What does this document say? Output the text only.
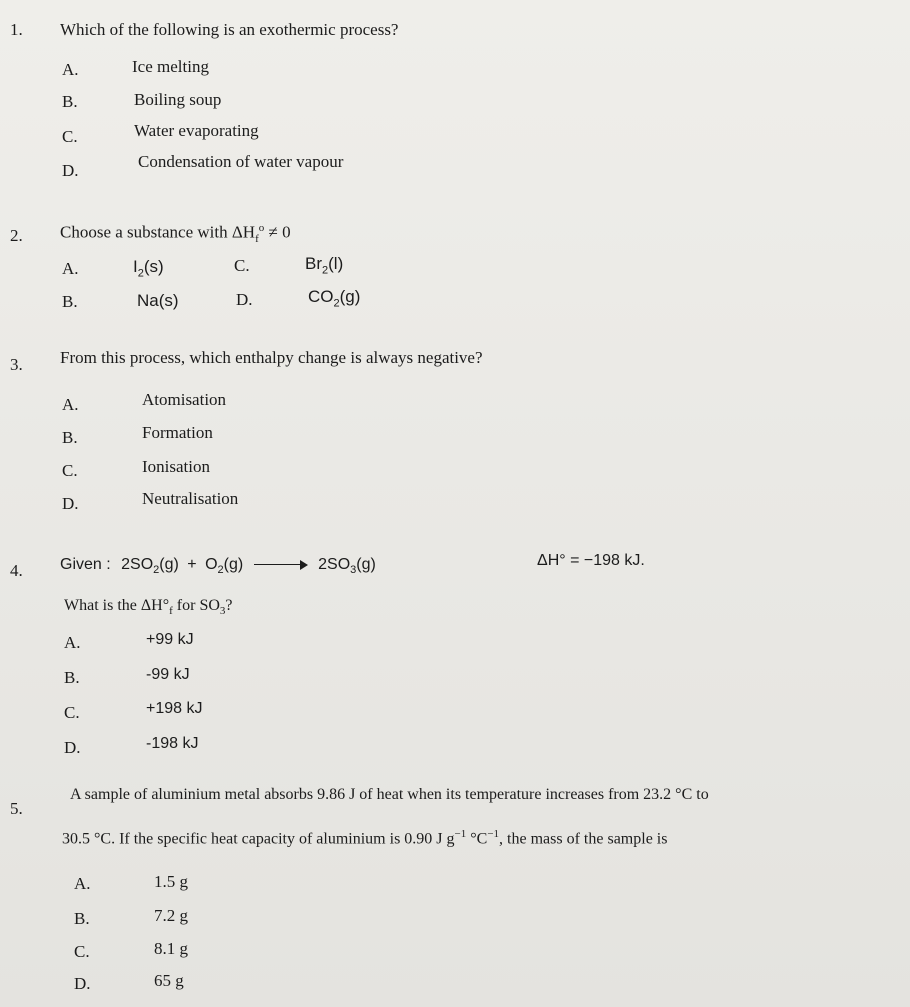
1. Which of the following is an exothermic process?
A.	Ice melting
B.	Boiling soup
C.	Water evaporating
D.	Condensation of water vapour
2. Choose a substance with $\Delta H_f^o \ne 0$
A.	$I_2(s)$	C.	$Br_2(l)$
B.	Na(s)	D.	$CO_2(g)$
3. From this process, which enthalpy change is always negative?
A.	Atomisation
B.	Formation
C.	Ionisation
D.	Neutralisation
4. Given : $2SO_2(g) + O_2(g)$	$2SO_3(g)$	ΔH° = −198 kJ.
What is the $\Delta H^\circ_f$ for $SO_3$?
A.	+99 kJ
B.	-99 kJ
C.	+198 kJ
D.	-198 kJ
5.
A sample of aluminium metal absorbs 9.86 J of heat when its temperature increases from 23.2 °C to
30.5 °C. If the specific heat capacity of aluminium is 0.90 J $g^{-1}$ $^\circ C^{-1}$, the mass of the sample is
A.	1.5 g
B.	7.2 g
C.	8.1 g
D.	65 g
